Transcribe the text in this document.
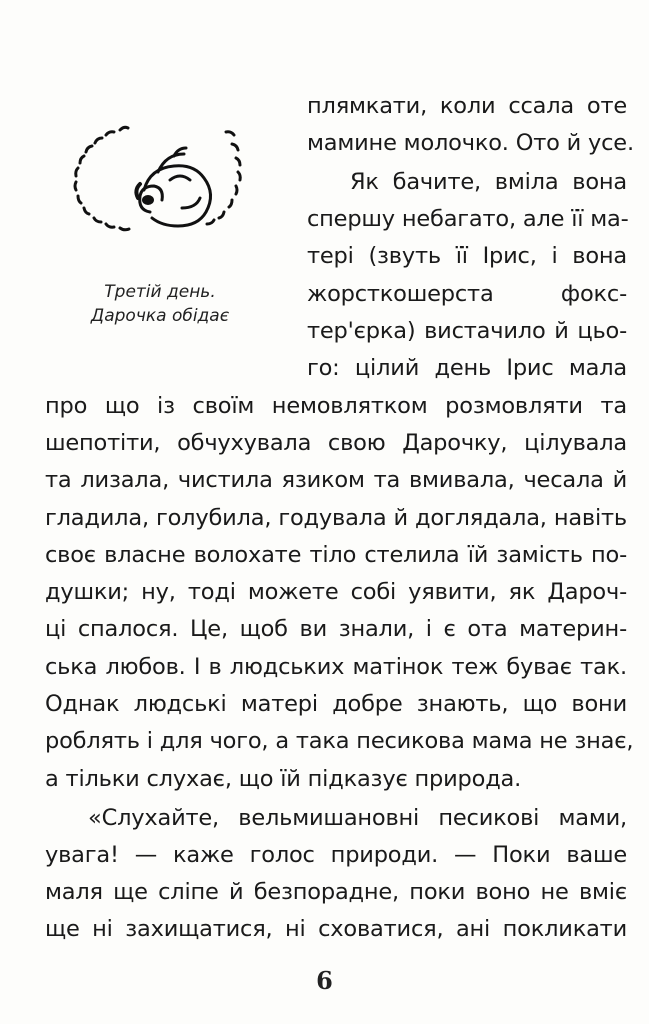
Третій день.
Дарочка обідає
плямкати, коли ссала оте
мамине молочко. Ото й усе.
Як бачите, вміла вона
спершу небагато, але її ма-
тері (звуть її Ірис, і вона
жорсткошерста фокс-
тер'єрка) вистачило й цьо-
го: цілий день Ірис мала
про що із своїм немовлятком розмовляти та
шепотіти, обчухувала свою Дарочку, цілувала
та лизала, чистила язиком та вмивала, чесала й
гладила, голубила, годувала й доглядала, навіть
своє власне волохате тіло стелила їй замість по-
душки; ну, тоді можете собі уявити, як Дароч-
ці спалося. Це, щоб ви знали, і є ота материн-
ська любов. І в людських матінок теж буває так.
Однак людські матері добре знають, що вони
роблять і для чого, а така песикова мама не знає,
а тільки слухає, що їй підказує природа.
«Слухайте, вельмишановні песикові мами,
увага! — каже голос природи. — Поки ваше
маля ще сліпе й безпорадне, поки воно не вміє
ще ні захищатися, ні сховатися, ані покликати
6
